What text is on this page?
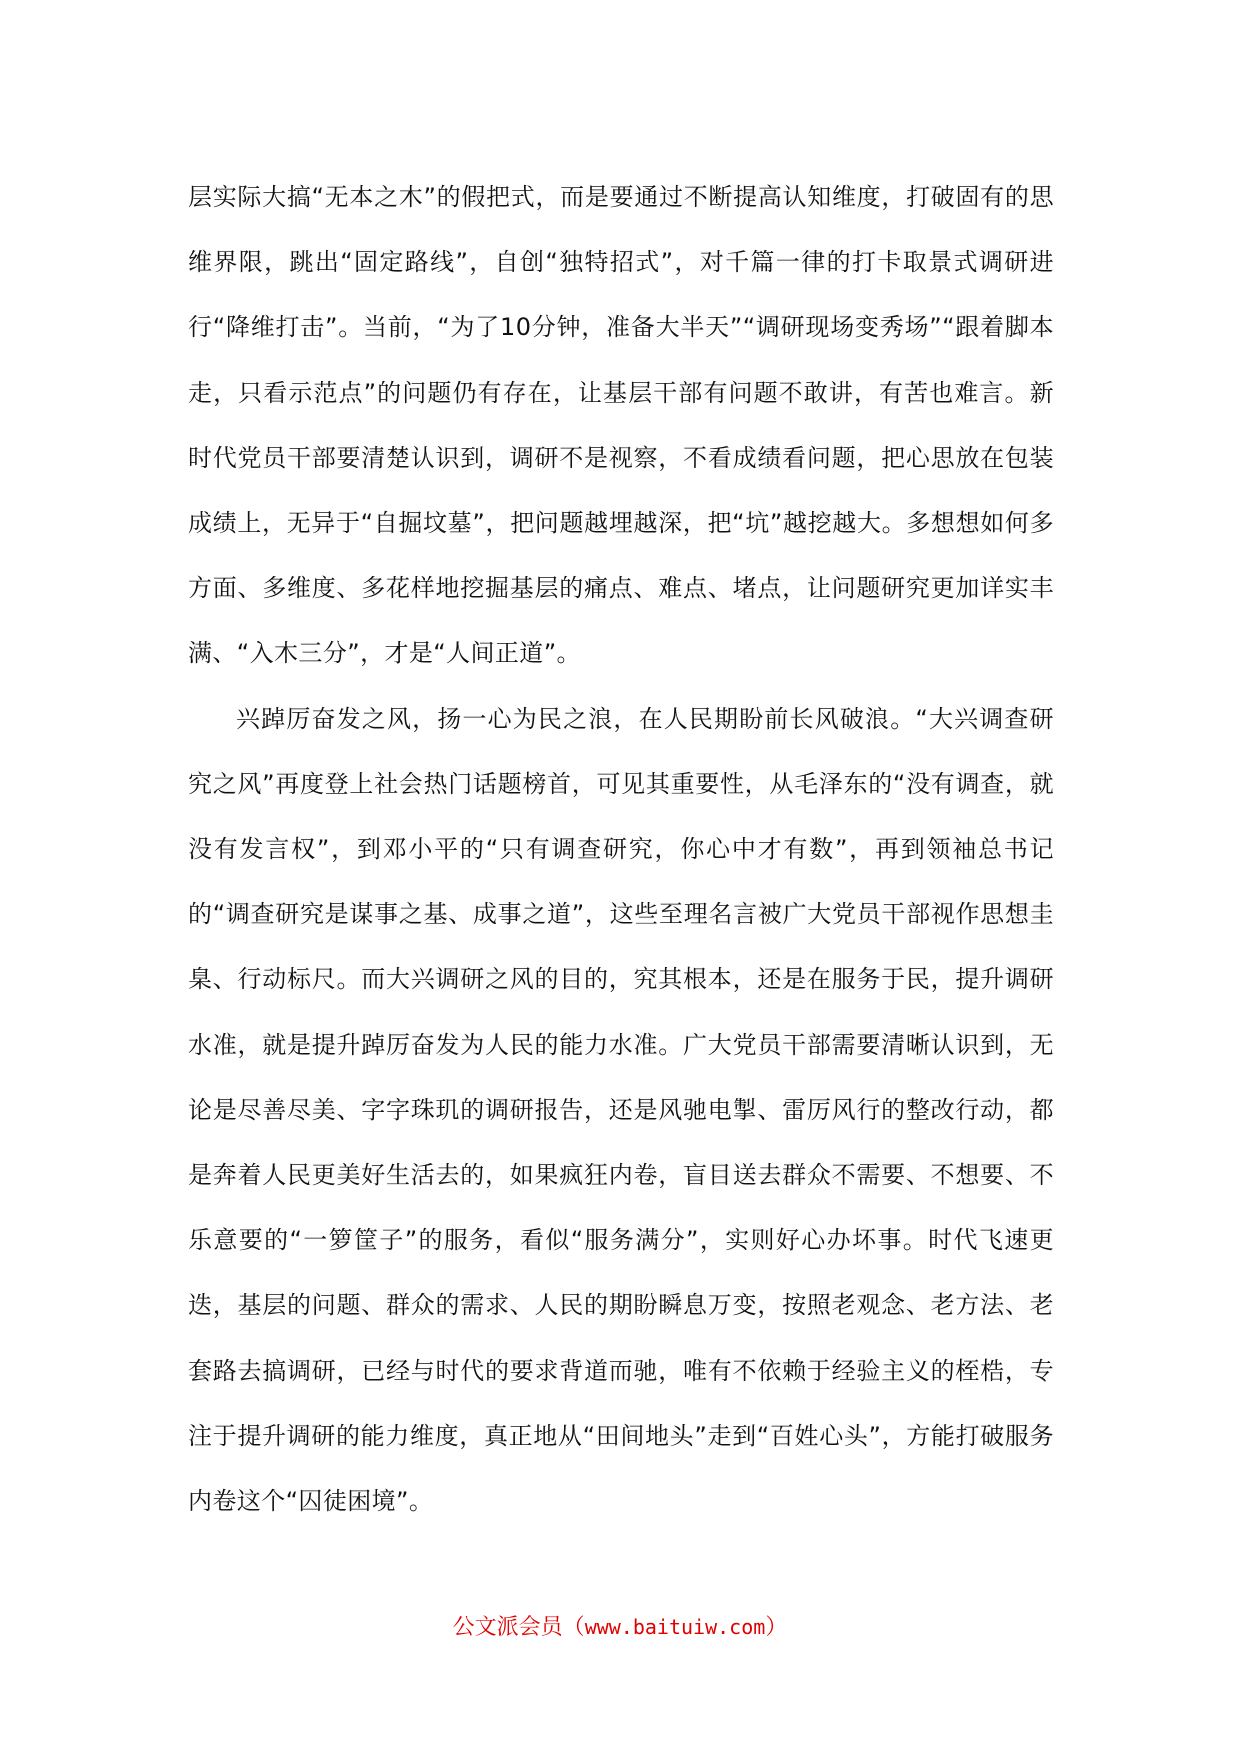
层实际大搞“无本之木”的假把式，而是要通过不断提高认知维度，打破固有的思维界限，跳出“固定路线”，自创“独特招式”，对千篇一律的打卡取景式调研进行“降维打击”。当前，“为了10分钟，准备大半天”“调研现场变秀场”“跟着脚本走，只看示范点”的问题仍有存在，让基层干部有问题不敢讲，有苦也难言。新时代党员干部要清楚认识到，调研不是视察，不看成绩看问题，把心思放在包装成绩上，无异于“自掘坟墓”，把问题越埋越深，把“坑”越挖越大。多想想如何多方面、多维度、多花样地挖掘基层的痛点、难点、堵点，让问题研究更加详实丰满、“入木三分”，才是“人间正道”。

兴踔厉奋发之风，扬一心为民之浪，在人民期盼前长风破浪。“大兴调查研究之风”再度登上社会热门话题榜首，可见其重要性，从毛泽东的“没有调查，就没有发言权”，到邓小平的“只有调查研究，你心中才有数”，再到领袖总书记的“调查研究是谋事之基、成事之道”，这些至理名言被广大党员干部视作思想圭臬、行动标尺。而大兴调研之风的目的，究其根本，还是在服务于民，提升调研水准，就是提升踔厉奋发为人民的能力水准。广大党员干部需要清晰认识到，无论是尽善尽美、字字珠玑的调研报告，还是风驰电掣、雷厉风行的整改行动，都是奔着人民更美好生活去的，如果疯狂内卷，盲目送去群众不需要、不想要、不乐意要的“一箩筐子”的服务，看似“服务满分”，实则好心办坏事。时代飞速更迭，基层的问题、群众的需求、人民的期盼瞬息万变，按照老观念、老方法、老套路去搞调研，已经与时代的要求背道而驰，唯有不依赖于经验主义的桎梏，专注于提升调研的能力维度，真正地从“田间地头”走到“百姓心头”，方能打破服务内卷这个“囚徒困境”。

公文派会员（www.baituiw.com）
